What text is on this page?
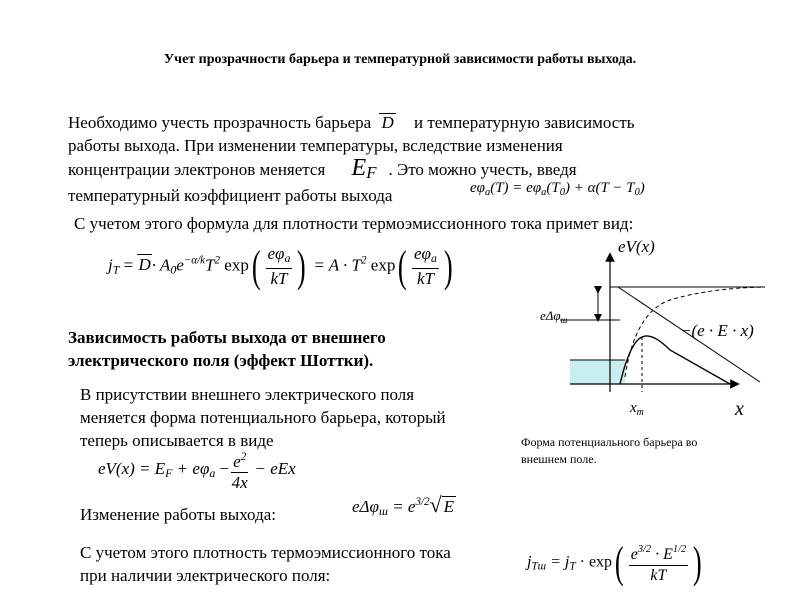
Учет прозрачности барьера и температурной зависимости работы выхода.
Необходимо учесть прозрачность барьера D и температурную зависимость
работы выхода. При изменении температуры, вследствие изменения
концентрации электронов меняется $E_F$ . Это можно учесть, введя
температурный коэффициент работы выхода	$e\varphi_a(T) = e\varphi_a(T_0) + \alpha(T - T_0)$
С учетом этого формула для плотности термоэмиссионного тока примет вид:
$j_T = D\cdot A_0e^{-\alpha/k}T^2$ $\exp( \frac{e\varphi_a}{kT}$ ) = $A \cdot T^2$ $\exp( \frac{e\varphi_a}{kT}$ )
Зависимость работы выхода от внешнего
электрического поля (эффект Шоттки).
В присутствии внешнего электрического поля
меняется форма потенциального барьера, который
теперь описывается в виде
$eV(x) = E_F + e\varphi_a - \frac{e^2}{4x}$ − eEx
Изменение работы выхода:	$e\Delta\varphi_ш = e^{3/2}√$ E
С учетом этого плотность термоэмиссионного тока
при наличии электрического поля:
$j_{Tш} = j_T \cdot \exp( \frac{e^{3/2} \cdot E^{1/2}}{kT}$ )
eV(x)
x
$x_m$
eΔφ$_ш$
−(e · E · x)
Форма потенциального барьера во
внешнем поле.
